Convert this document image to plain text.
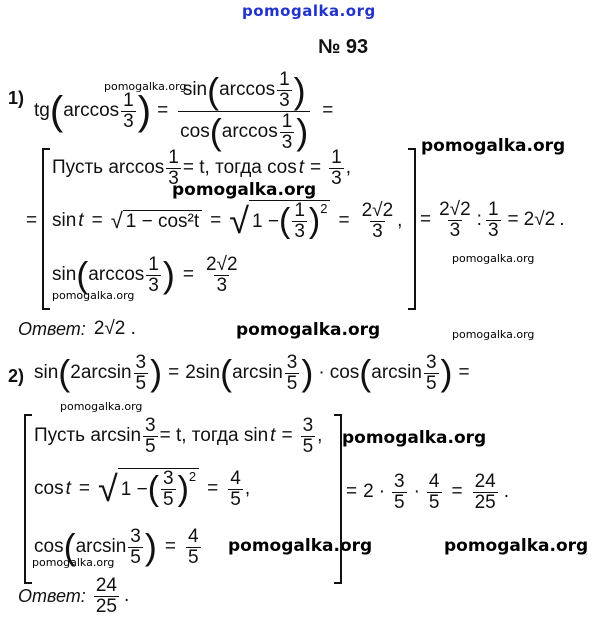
pomogalka.org
pomogalka.org
pomogalka.org
pomogalka.org
pomogalka.org
pomogalka.org	pomogalka.org
pomogalka.org
pomogalka.org
pomogalka.org
pomogalka.org
pomogalka.org
pomogalka.org
№ 93
1)
tg ( $\arccos \frac{1}{3}$ ) = $\frac{\sin ( \arccos \frac{1}{3} )}{\cos ( \arccos \frac{1}{3} )}$ =
=
Пусть $\arccos \frac{1}{3} = t$, тогда $\cos t = \frac{1}{3}$ ,
sin t = √ 1 − cos²t = √ 1 − ( $\frac{1}{3} )^2$
= $\frac{2√2}{3}$ ,
sin ( $\arccos \frac{1}{3}$ ) = $\frac{2√2}{3}$
= $\frac{2√2}{3}$ : $\frac{1}{3} = 2√2$ .
Ответ: 2√2 .
2) sin ( $2\arcsin \frac{3}{5}$ ) = 2sin ( $\arcsin \frac{3}{5}$ ) · cos ( $\arcsin \frac{3}{5}$ ) =
Пусть $\arcsin \frac{3}{5} = t$, тогда $\sin t = \frac{3}{5}$ ,
cos t = √ 1 − ( $\frac{3}{5} )^2$
= $\frac{4}{5}$ ,
cos ( $\arcsin \frac{3}{5}$ ) = $\frac{4}{5}$
= $2 \cdot \frac{3}{5} \cdot \frac{4}{5} = \frac{24}{25}$ .
Ответ: $\frac{24}{25}$ .
